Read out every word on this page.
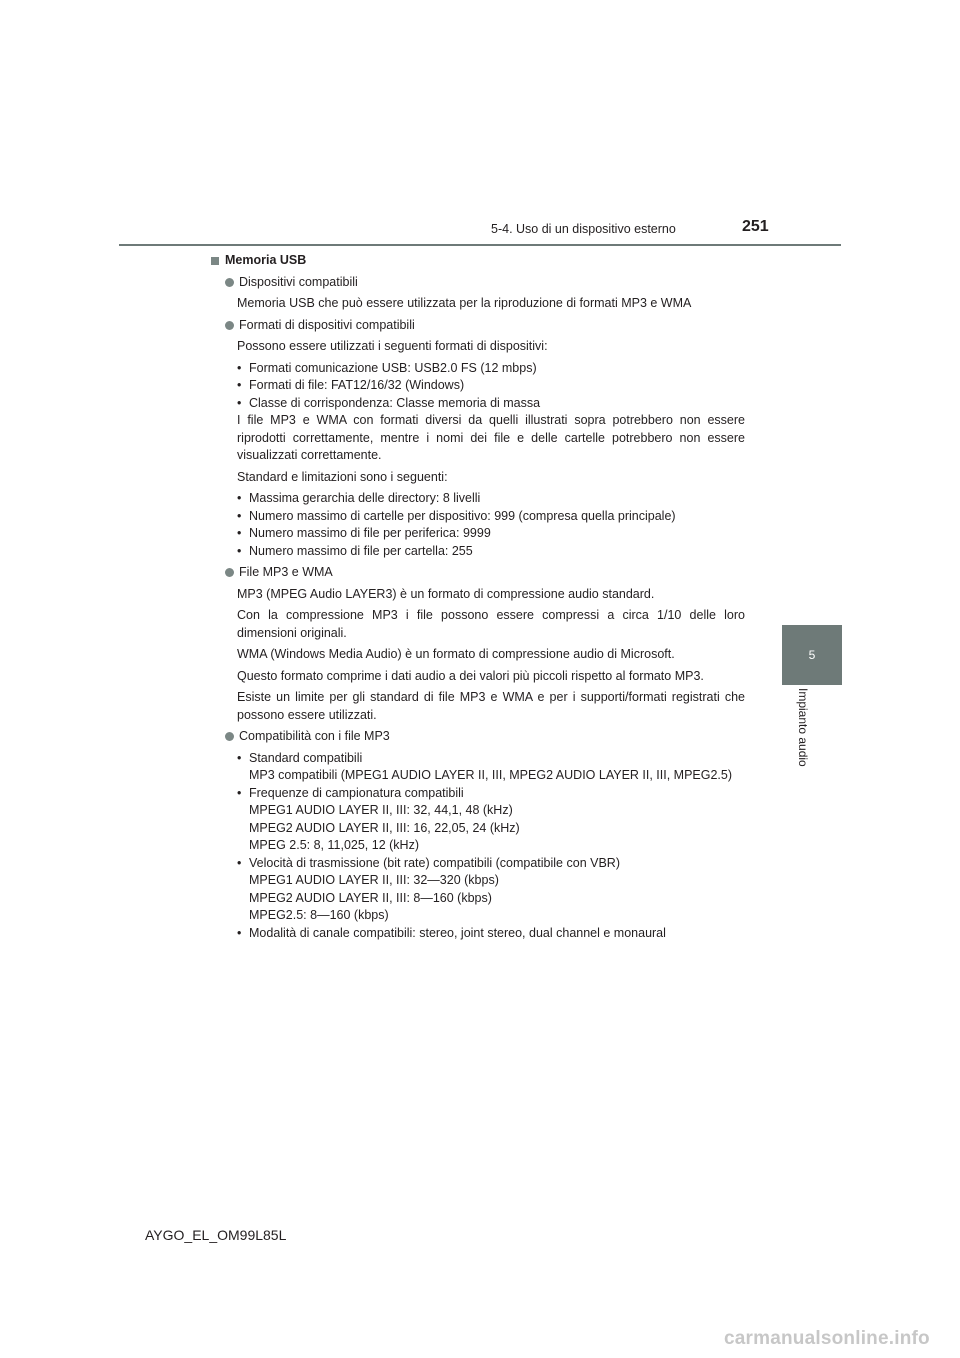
5-4. Uso di un dispositivo esterno	251
5
Impianto audio
Memoria USB
Dispositivi compatibili
Memoria USB che può essere utilizzata per la riproduzione di formati MP3 e WMA
Formati di dispositivi compatibili
Possono essere utilizzati i seguenti formati di dispositivi:
• Formati comunicazione USB: USB2.0 FS (12 mbps)
• Formati di file: FAT12/16/32 (Windows)
• Classe di corrispondenza: Classe memoria di massa
I file MP3 e WMA con formati diversi da quelli illustrati sopra potrebbero non essere riprodotti correttamente, mentre i nomi dei file e delle cartelle potrebbero non essere visualizzati correttamente.
Standard e limitazioni sono i seguenti:
• Massima gerarchia delle directory: 8 livelli
• Numero massimo di cartelle per dispositivo: 999 (compresa quella principale)
• Numero massimo di file per periferica: 9999
• Numero massimo di file per cartella: 255
File MP3 e WMA
MP3 (MPEG Audio LAYER3) è un formato di compressione audio standard.
Con la compressione MP3 i file possono essere compressi a circa 1/10 delle loro dimensioni originali.
WMA (Windows Media Audio) è un formato di compressione audio di Microsoft.
Questo formato comprime i dati audio a dei valori più piccoli rispetto al formato MP3.
Esiste un limite per gli standard di file MP3 e WMA e per i supporti/formati registrati che possono essere utilizzati.
Compatibilità con i file MP3
• Standard compatibili
MP3 compatibili (MPEG1 AUDIO LAYER II, III, MPEG2 AUDIO LAYER II, III, MPEG2.5)
• Frequenze di campionatura compatibili
MPEG1 AUDIO LAYER II, III: 32, 44,1, 48 (kHz)
MPEG2 AUDIO LAYER II, III: 16, 22,05, 24 (kHz)
MPEG 2.5: 8, 11,025, 12 (kHz)
• Velocità di trasmissione (bit rate) compatibili (compatibile con VBR)
MPEG1 AUDIO LAYER II, III: 32—320 (kbps)
MPEG2 AUDIO LAYER II, III: 8—160 (kbps)
MPEG2.5: 8—160 (kbps)
• Modalità di canale compatibili: stereo, joint stereo, dual channel e monaural
AYGO_EL_OM99L85L
carmanualsonline.info
